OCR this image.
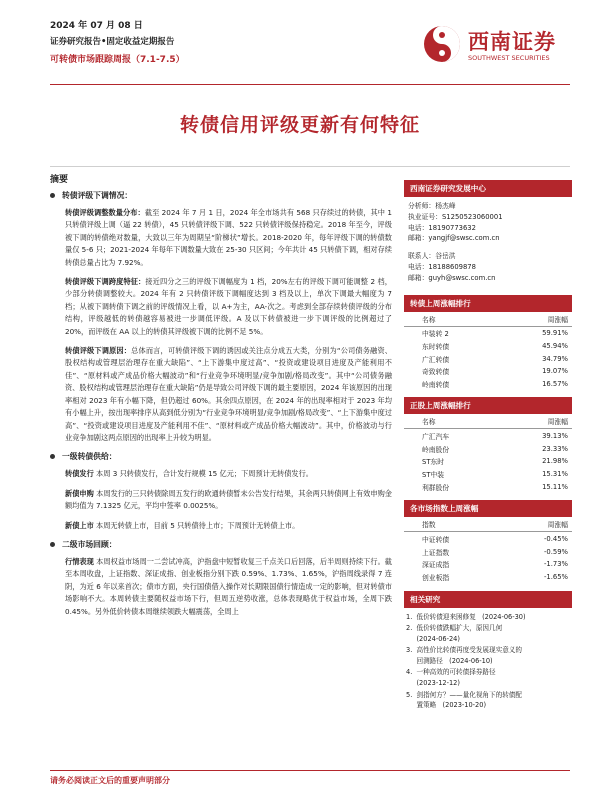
2024 年 07 月 08 日
证券研究报告•固定收益定期报告
可转债市场跟踪周报（7.1-7.5）
西南证券
SOUTHWEST SECURITIES
转债信用评级更新有何特征
摘要
转债评级下调情况：

转债评级调整数量分布：截至 2024 年 7 月 1 日，2024 年全市场共有 568 只存续过的转债，其中 1 只转债评级上调（逼 22 转债），45 只转债评级下调、522 只转债评级保持稳定。2018 年至今，评级被下调的转债绝对数量，大致以三年为周期呈“阶梯状”增长。2018-2020 年，每年评级下调的转债数量仅 5-6 只；2021-2024 年每年下调数量大致在 25-30 只区间；今年共计 45 只转债下调，相对存续转债总量占比为 7.92%。

转债评级下调跨度特征：接近四分之三的评级下调幅度为 1 档，20%左右的评级下调可能调整 2 档，少部分转债调整较大。2024 年有 2 只转债评级下调幅度达到 3 档及以上，单次下调最大幅度为 7 档；从被下调转债下调之前的评级情况上看，以 A+为主，AA-次之。考虑到全部存续转债评级的分布结构，评级越低的转债越容易被进一步调低评级。A 及以下转债被进一步下调评级的比例超过了 20%，而评级在 AA 以上的转债其评级被下调的比例不足 5%。

转债评级下调原因：总体而言，可转债评级下调的诱因或关注点分成五大类，分别为“公司债务融资、股权结构或管理层治理存在重大缺陷”、“上下游集中度过高”、“投资或建设项目进度及产能利用不佳”、“原材料或产成品价格大幅波动”和“行业竞争环境明显/竞争加剧/格局改变”。其中“公司债务融资、股权结构或管理层治理存在重大缺陷”仍是导致公司评级下调的最主要原因，2024 年该原因的出现率相对 2023 年有小幅下降，但仍超过 60%。其余四点原因，在 2024 年的出现率相对于 2023 年均有小幅上升，按出现率排序从高到低分别为“行业竞争环境明显/竞争加剧/格局改变”、“上下游集中度过高”、“投资或建设项目进度及产能利用不佳”、“原材料或产成品价格大幅波动”。其中，价格波动与行业竞争加剧这两点原因的出现率上升较为明显。

一级转债供给：

转债发行 本周 3 只转债发行，合计发行规模 15 亿元；下周预计无转债发行。

新债申购 本周发行的三只转债除周五发行的欧通转债暂未公告发行结果，其余两只转债网上有效申购金额均值为 7.1325 亿元，平均中签率 0.0025%。

新债上市 本周无转债上市，目前 5 只转债待上市；下周预计无转债上市。

二级市场回顾：

行情表现 本周权益市场周一二尝试冲高，沪指盘中短暂收复三千点关口后回落，后半周则持续下行。截至本周收盘，上证指数、深证成指、创业板指分别下跌 0.59%、1.73%、1.65%，沪指周线录得 7 连阴，为近 6 年以来首次；债市方面，央行国债借入操作对长期限国债行情造成一定的影响，但对转债市场影响不大。本周转债主要随权益市场下行，但周五逆势收涨，总体表现略优于权益市场，全周下跌 0.45%。另外低价转债本周继续领跌大幅震荡，全周上

西南证券研究发展中心
分析师：杨杰峰
执业证号：S1250523060001
电话：18190773632
邮箱：yangjf@swsc.com.cn
联系人：谷岳洪
电话：18188609878
邮箱：guyh@swsc.com.cn
转债上周涨幅排行
名称	周涨幅
中装转 2	59.91%
东时转债	45.94%
广汇转债	34.79%
奇致转债	19.07%
岭南转债	16.57%
正股上周涨幅排行
名称	周涨幅
广汇汽车	39.13%
岭南股份	23.33%
ST东时	21.98%
ST中装	15.31%
利群股份	15.11%
各市场指数上周涨幅
指数	周涨幅
中证转债	-0.45%
上证指数	-0.59%
深证成指	-1.73%
创业板指	-1.65%
相关研究
1.  低价转债迎来困修复   (2024-06-30)
2.  低价转债跌幅扩大，原因几何
(2024-06-24)
3.  高性价比转债再度受发展现实意义的
回测路径   (2024-06-10)
4.  一种高效的可转债择券路径
(2023-12-12)
5.  剑指何方？——量化视角下的转债配
置策略   (2023-10-20)
请务必阅读正文后的重要声明部分
